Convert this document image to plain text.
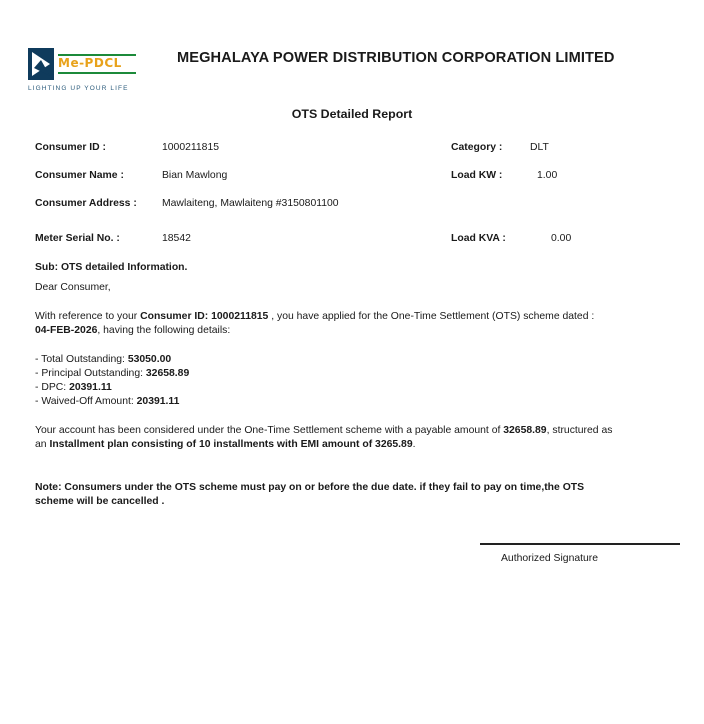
Me-PDCL
LIGHTING UP YOUR LIFE
MEGHALAYA POWER DISTRIBUTION CORPORATION LIMITED
OTS Detailed Report
Consumer ID :	1000211815	Category :	DLT
Consumer Name :	Bian Mawlong	Load KW :	1.00
Consumer Address : Mawlaiteng, Mawlaiteng #3150801100
Meter Serial No. :	18542	Load KVA :	0.00
Sub: OTS detailed Information.
Dear Consumer,
With reference to your Consumer ID: 1000211815 , you have applied for the One-Time Settlement (OTS) scheme dated :
04-FEB-2026, having the following details:
- Total Outstanding: 53050.00
- Principal Outstanding: 32658.89
- DPC: 20391.11
- Waived-Off Amount: 20391.11
Your account has been considered under the One-Time Settlement scheme with a payable amount of 32658.89, structured as
an Installment plan consisting of 10 installments with EMI amount of 3265.89.
Note: Consumers under the OTS scheme must pay on or before the due date. if they fail to pay on time,the OTS
scheme will be cancelled .
Authorized Signature
